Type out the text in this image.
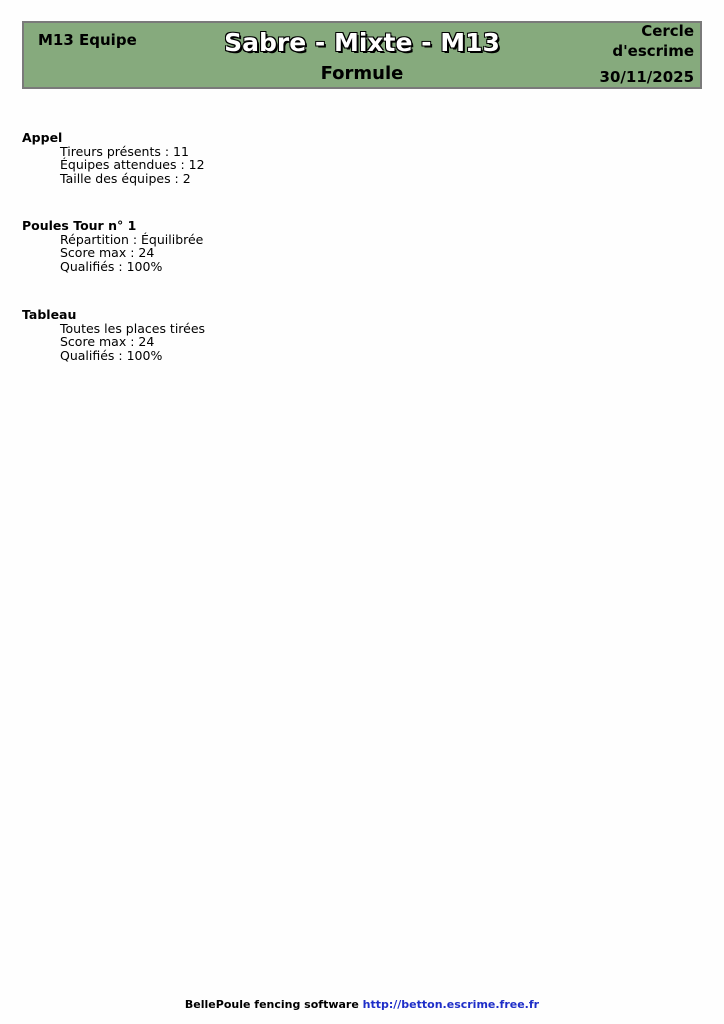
M13 Equipe	Sabre - Mixte - M13
Formule
Cercle
d'escrime
30/11/2025
Appel
Tireurs présents : 11
Équipes attendues : 12
Taille des équipes : 2
Poules Tour n° 1
Répartition : Équilibrée
Score max : 24
Qualifiés : 100%
Tableau
Toutes les places tirées
Score max : 24
Qualifiés : 100%
BellePoule fencing software http://betton.escrime.free.fr
